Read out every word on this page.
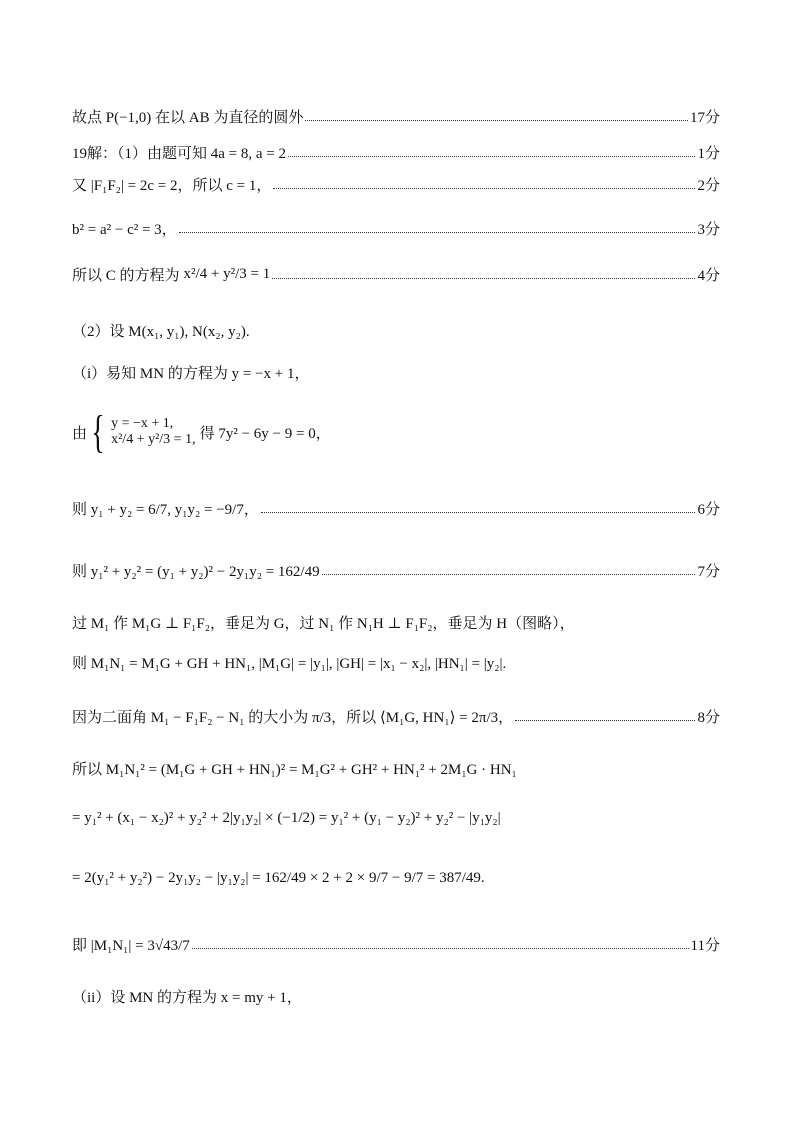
故点 P(−1,0) 在以 AB 为直径的圆外	17分
19解：（1）由题可知 4a = 8, a = 2	1分
又 |F₁F₂| = 2c = 2，所以 c = 1，	2分
b² = a² − c² = 3，	3分
所以 C 的方程为 x²/4 + y²/3 = 1	4分
（2）设 M(x₁, y₁), N(x₂, y₂).
（i）易知 MN 的方程为 y = −x + 1，
由 { y = −x + 1,
x²/4 + y²/3 = 1, 得 7y² − 6y − 9 = 0，
则 y₁ + y₂ = 6/7, y₁y₂ = −9/7，	6分
则 y₁² + y₂² = (y₁ + y₂)² − 2y₁y₂ = 162/49	7分
过 M₁ 作 M₁G ⊥ F₁F₂，垂足为 G，过 N₁ 作 N₁H ⊥ F₁F₂，垂足为 H（图略），
则 M₁N₁ = M₁G + GH + HN₁, |M₁G| = |y₁|, |GH| = |x₁ − x₂|, |HN₁| = |y₂|.
因为二面角 M₁ − F₁F₂ − N₁ 的大小为 π/3，所以 ⟨M₁G, HN₁⟩ = 2π/3，	8分
所以 M₁N₁² = (M₁G + GH + HN₁)² = M₁G² + GH² + HN₁² + 2M₁G · HN₁
= y₁² + (x₁ − x₂)² + y₂² + 2|y₁y₂| × (−1/2) = y₁² + (y₁ − y₂)² + y₂² − |y₁y₂|
= 2(y₁² + y₂²) − 2y₁y₂ − |y₁y₂| = 162/49 × 2 + 2 × 9/7 − 9/7 = 387/49.
即 |M₁N₁| = 3√43/7	11分
（ii）设 MN 的方程为 x = my + 1，
